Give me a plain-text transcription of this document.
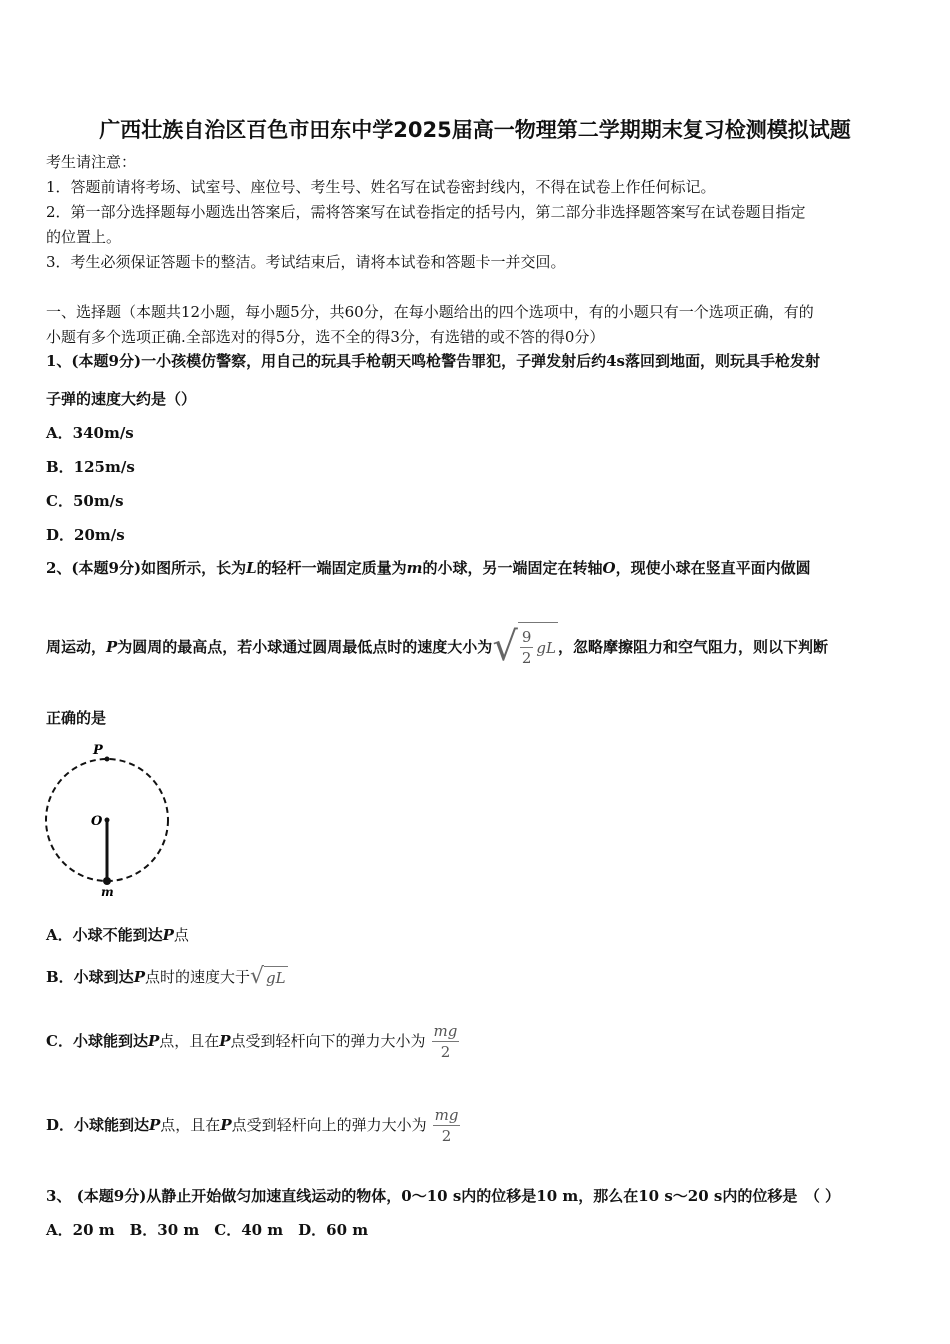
广西壮族自治区百色市田东中学2025届高一物理第二学期期末复习检测模拟试题
考生请注意：
1．答题前请将考场、试室号、座位号、考生号、姓名写在试卷密封线内，不得在试卷上作任何标记。
2．第一部分选择题每小题选出答案后，需将答案写在试卷指定的括号内，第二部分非选择题答案写在试卷题目指定
的位置上。
3．考生必须保证答题卡的整洁。考试结束后，请将本试卷和答题卡一并交回。
一、选择题（本题共12小题，每小题5分，共60分，在每小题给出的四个选项中，有的小题只有一个选项正确，有的
小题有多个选项正确.全部选对的得5分，选不全的得3分，有选错的或不答的得0分）
1、(本题9分)一小孩模仿警察，用自己的玩具手枪朝天鸣枪警告罪犯，子弹发射后约4s落回到地面，则玩具手枪发射
子弹的速度大约是（）
A．340m/s
B．125m/s
C．50m/s
D．20m/s
2、(本题9分)如图所示，长为L的轻杆一端固定质量为m的小球，另一端固定在转轴O，现使小球在竖直平面内做圆
周运动， P 为圆周的最高点，若小球通过圆周最低点时的速度大小为 √ $\frac{9}{2}$ gL ，忽略摩擦阻力和空气阻力，则以下判断
正确的是
P
O
m
A．小球不能到达P点
B．小球到达 P 点时的速度大于 √ gL
C．小球能到达 P 点，且在 P 点受到轻杆向下的弹力大小为 $\frac{mg}{2}$
D．小球能到达 P 点，且在 P 点受到轻杆向上的弹力大小为 $\frac{mg}{2}$
3、 (本题9分)从静止开始做匀加速直线运动的物体，0～10 s内的位移是10 m，那么在10 s～20 s内的位移是　（ ）
A．20 m　B．30 m　C．40 m　D．60 m
